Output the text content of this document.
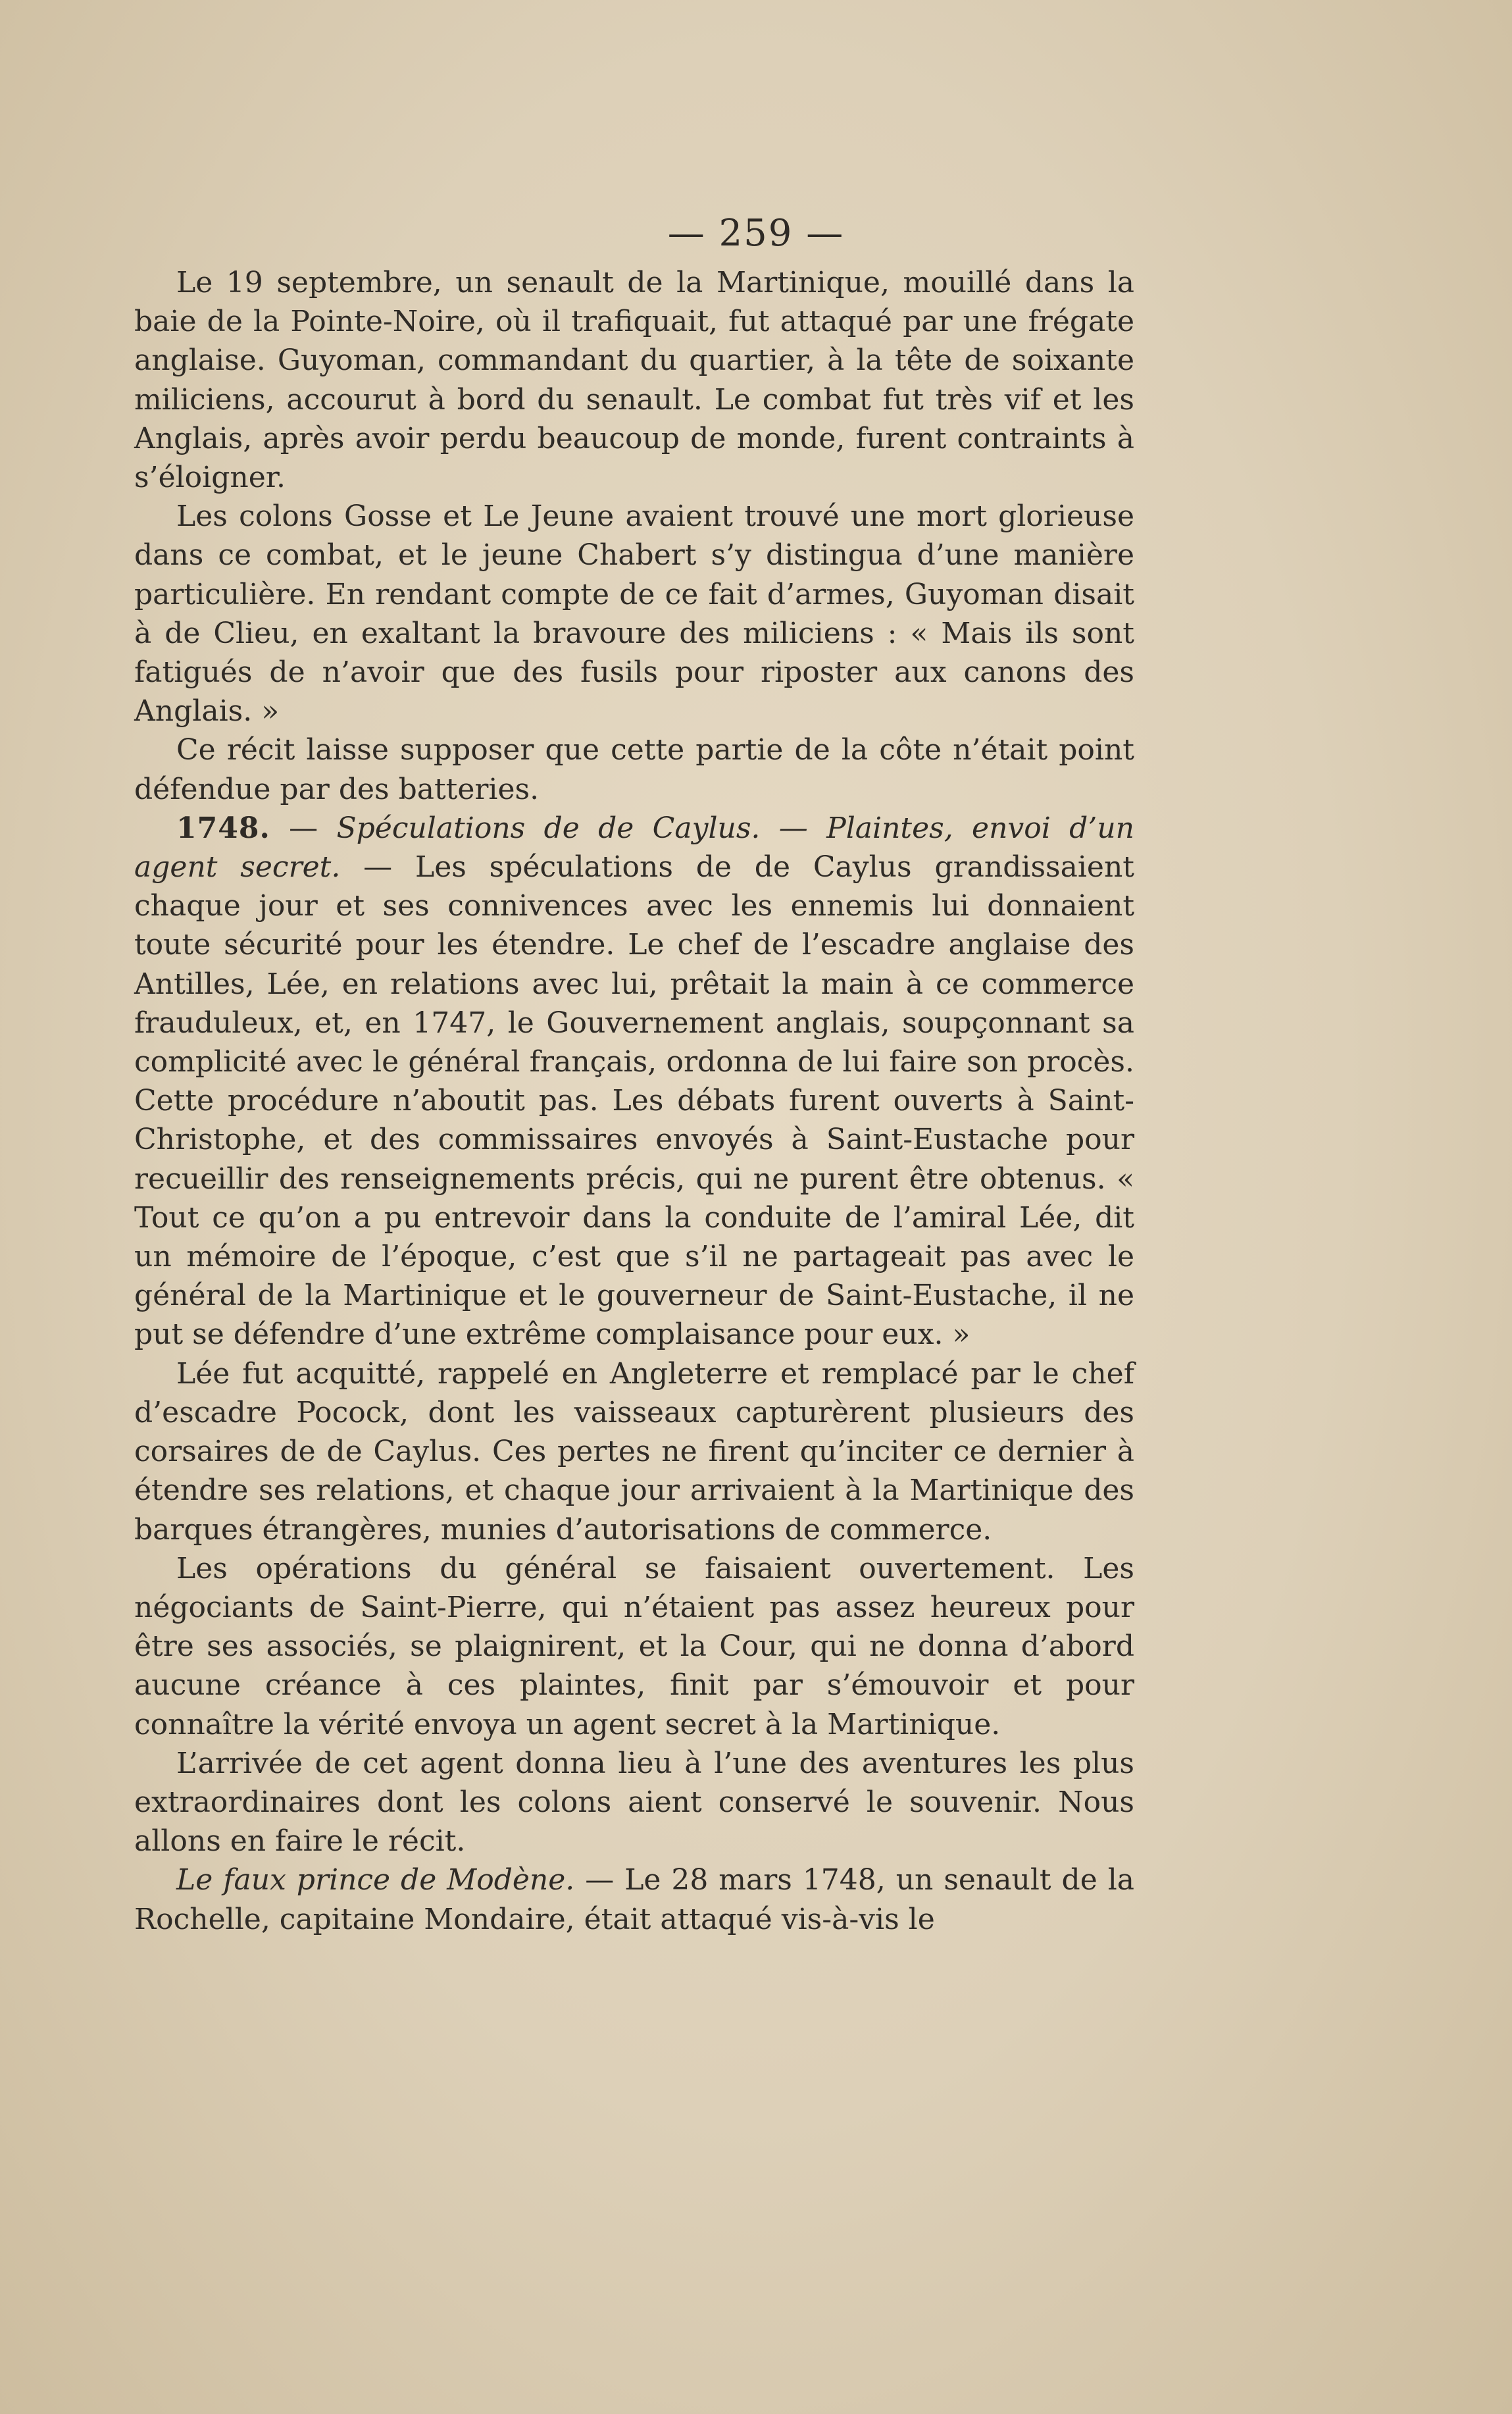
— 259 —

Le 19 septembre, un senault de la Martinique, mouillé dans la baie de la Pointe-Noire, où il trafiquait, fut attaqué par une frégate anglaise. Guyoman, commandant du quartier, à la tête de soixante miliciens, accourut à bord du senault. Le combat fut très vif et les Anglais, après avoir perdu beaucoup de monde, furent contraints à s’éloigner.

Les colons Gosse et Le Jeune avaient trouvé une mort glorieuse dans ce combat, et le jeune Chabert s’y distingua d’une manière particulière. En rendant compte de ce fait d’armes, Guyoman disait à de Clieu, en exaltant la bravoure des miliciens : « Mais ils sont fatigués de n’avoir que des fusils pour riposter aux canons des Anglais. »

Ce récit laisse supposer que cette partie de la côte n’était point défendue par des batteries.

1748. — Spéculations de de Caylus. — Plaintes, envoi d’un agent secret. — Les spéculations de de Caylus grandissaient chaque jour et ses connivences avec les ennemis lui donnaient toute sécurité pour les étendre. Le chef de l’escadre anglaise des Antilles, Lée, en relations avec lui, prêtait la main à ce commerce frauduleux, et, en 1747, le Gouvernement anglais, soupçonnant sa complicité avec le général français, ordonna de lui faire son procès. Cette procédure n’aboutit pas. Les débats furent ouverts à Saint-Christophe, et des commissaires envoyés à Saint-Eustache pour recueillir des renseignements précis, qui ne purent être obtenus. « Tout ce qu’on a pu entrevoir dans la conduite de l’amiral Lée, dit un mémoire de l’époque, c’est que s’il ne partageait pas avec le général de la Martinique et le gouverneur de Saint-Eustache, il ne put se défendre d’une extrême complaisance pour eux. »

Lée fut acquitté, rappelé en Angleterre et remplacé par le chef d’escadre Pocock, dont les vaisseaux capturèrent plusieurs des corsaires de de Caylus. Ces pertes ne firent qu’inciter ce dernier à étendre ses relations, et chaque jour arrivaient à la Martinique des barques étrangères, munies d’autorisations de commerce.

Les opérations du général se faisaient ouvertement. Les négociants de Saint-Pierre, qui n’étaient pas assez heureux pour être ses associés, se plaignirent, et la Cour, qui ne donna d’abord aucune créance à ces plaintes, finit par s’émouvoir et pour connaître la vérité envoya un agent secret à la Martinique.

L’arrivée de cet agent donna lieu à l’une des aventures les plus extraordinaires dont les colons aient conservé le souvenir. Nous allons en faire le récit.

Le faux prince de Modène. — Le 28 mars 1748, un senault de la Rochelle, capitaine Mondaire, était attaqué vis-à-vis le
